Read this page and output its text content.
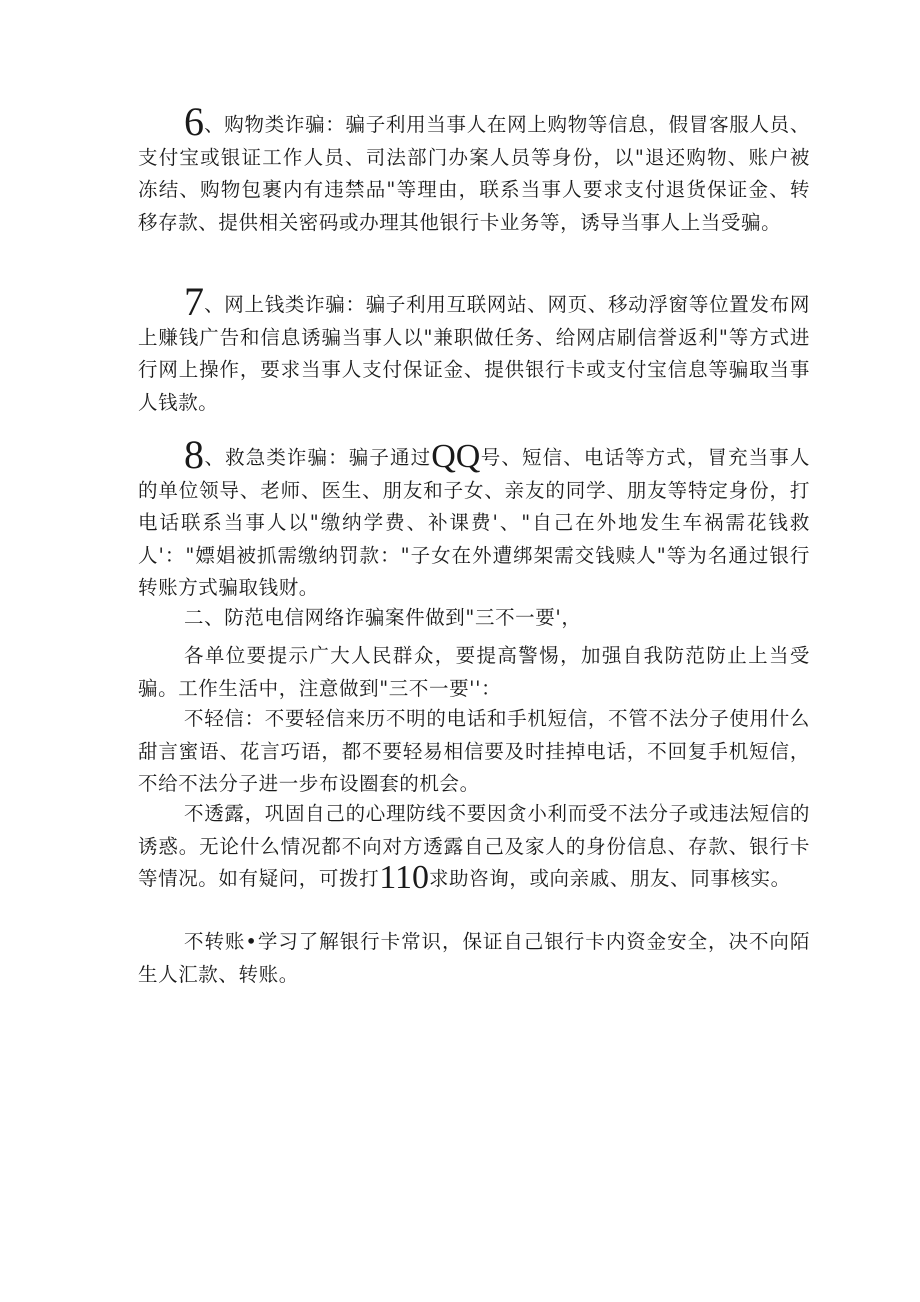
6、购物类诈骗：骗子利用当事人在网上购物等信息，假冒客服人员、支付宝或银证工作人员、司法部门办案人员等身份，以"退还购物、账户被冻结、购物包裹内有违禁品"等理由，联系当事人要求支付退货保证金、转移存款、提供相关密码或办理其他银行卡业务等，诱导当事人上当受骗。

7、网上钱类诈骗：骗子利用互联网站、网页、移动浮窗等位置发布网上赚钱广告和信息诱骗当事人以"兼职做任务、给网店刷信誉返利"等方式进行网上操作，要求当事人支付保证金、提供银行卡或支付宝信息等骗取当事人钱款。

8、救急类诈骗：骗子通过QQ号、短信、电话等方式，冒充当事人的单位领导、老师、医生、朋友和子女、亲友的同学、朋友等特定身份，打电话联系当事人以"缴纳学费、补课费'、"自己在外地发生车祸需花钱救人'："嫖娼被抓需缴纳罚款："子女在外遭绑架需交钱赎人"等为名通过银行转账方式骗取钱财。

二、防范电信网络诈骗案件做到"三不一要'，

各单位要提示广大人民群众，要提高警惕，加强自我防范防止上当受骗。工作生活中，注意做到"三不一要''：

不轻信：不要轻信来历不明的电话和手机短信，不管不法分子使用什么甜言蜜语、花言巧语，都不要轻易相信要及时挂掉电话，不回复手机短信，不给不法分子进一步布设圈套的机会。

不透露，巩固自己的心理防线不要因贪小利而受不法分子或违法短信的诱惑。无论什么情况都不向对方透露自己及家人的身份信息、存款、银行卡等情况。如有疑问，可拨打110求助咨询，或向亲戚、朋友、同事核实。

不转账•学习了解银行卡常识，保证自己银行卡内资金安全，决不向陌生人汇款、转账。
